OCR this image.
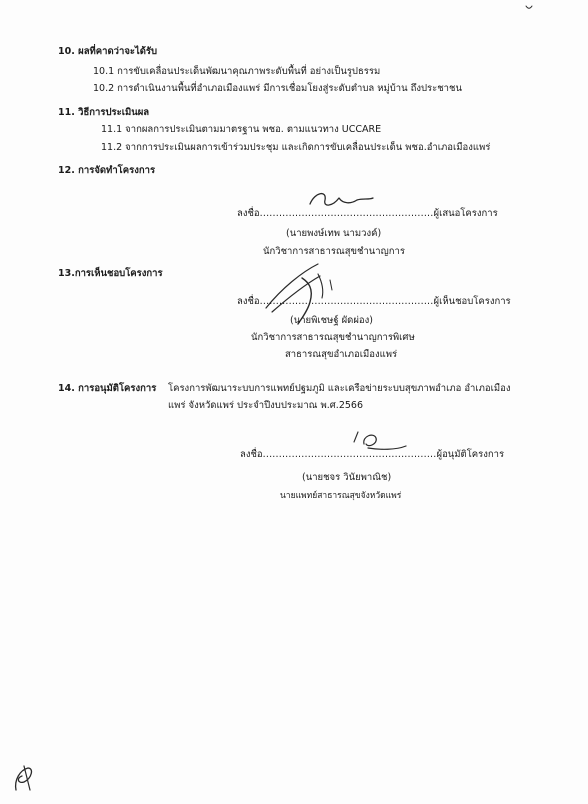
10. ผลที่คาดว่าจะได้รับ
10.1 การขับเคลื่อนประเด็นพัฒนาคุณภาพระดับพื้นที่ อย่างเป็นรูปธรรม
10.2 การดำเนินงานพื้นที่อำเภอเมืองแพร่ มีการเชื่อมโยงสู่ระดับตำบล หมู่บ้าน ถึงประชาชน
11. วิธีการประเมินผล
11.1 จากผลการประเมินตามมาตรฐาน พชอ. ตามแนวทาง UCCARE
11.2 จากการประเมินผลการเข้าร่วมประชุม และเกิดการขับเคลื่อนประเด็น พชอ.อำเภอเมืองแพร่
12. การจัดทำโครงการ
ลงชื่อ......................................................ผู้เสนอโครงการ
(นายพงษ์เทพ นามวงค์)
นักวิชาการสาธารณสุขชำนาญการ
13.การเห็นชอบโครงการ
ลงชื่อ......................................................ผู้เห็นชอบโครงการ
(นายพิเชษฐ์ ผัดผ่อง)
นักวิชาการสาธารณสุขชำนาญการพิเศษ
สาธารณสุขอำเภอเมืองแพร่
14. การอนุมัติโครงการ โครงการพัฒนาระบบการแพทย์ปฐมภูมิ และเครือข่ายระบบสุขภาพอำเภอ อำเภอเมือง
แพร่ จังหวัดแพร่ ประจำปีงบประมาณ พ.ศ.2566
ลงชื่อ......................................................ผู้อนุมัติโครงการ
(นายชจร วินัยพาณิช)
นายแพทย์สาธารณสุขจังหวัดแพร่
